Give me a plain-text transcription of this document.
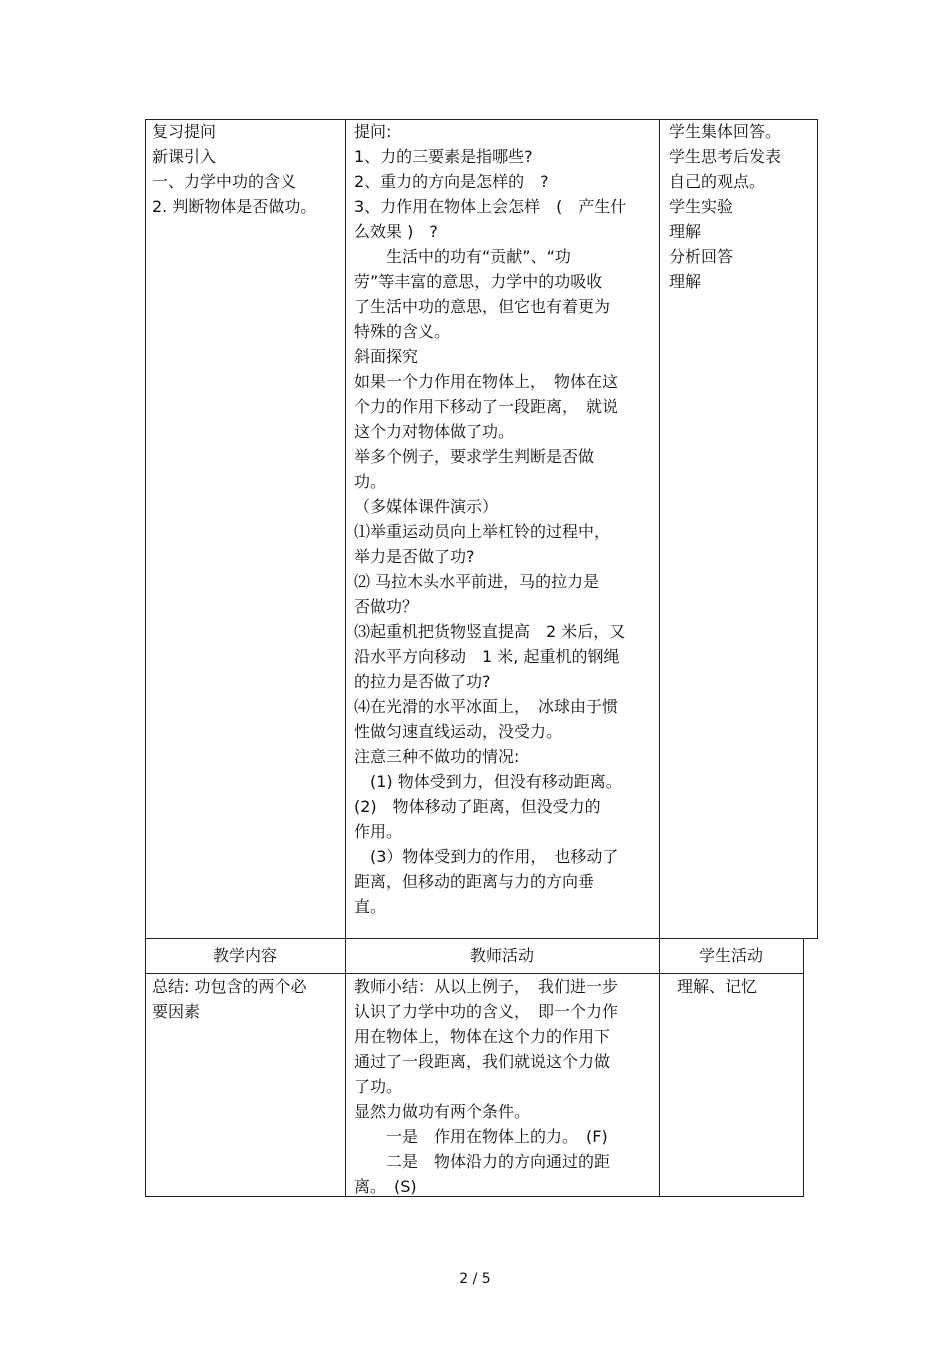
复习提问
新课引入
一、力学中功的含义
2. 判断物体是否做功。
提问:
1、力的三要素是指哪些?
2、重力的方向是怎样的　?
3、力作用在物体上会怎样　(　产生什
么效果 )　?
　　生活中的功有“贡献”、“功
劳”等丰富的意思，力学中的功吸收
了生活中功的意思，但它也有着更为
特殊的含义。
斜面探究
如果一个力作用在物体上，　物体在这
个力的作用下移动了一段距离，　就说
这个力对物体做了功。
举多个例子，要求学生判断是否做
功。
（多媒体课件演示）
⑴举重运动员向上举杠铃的过程中，
举力是否做了功?
⑵ 马拉木头水平前进，马的拉力是
否做功？
⑶起重机把货物竖直提高　2 米后，又
沿水平方向移动　1 米, 起重机的钢绳
的拉力是否做了功?
⑷在光滑的水平冰面上，　冰球由于惯
性做匀速直线运动，没受力。
注意三种不做功的情况:
　(1) 物体受到力，但没有移动距离。
(2)　物体移动了距离，但没受力的
作用。
　(3）物体受到力的作用，　也移动了
距离，但移动的距离与力的方向垂
直。
学生集体回答。
学生思考后发表
自己的观点。
学生实验
理解
分析回答
理解
教学内容	教师活动	学生活动
总结: 功包含的两个必
要因素
教师小结：从以上例子，　我们进一步
认识了力学中功的含义，　即一个力作
用在物体上，物体在这个力的作用下
通过了一段距离，我们就说这个力做
了功。
显然力做功有两个条件。
　　一是　作用在物体上的力。　(F)
　　二是　物体沿力的方向通过的距
离。　(S)
理解、记忆
2 / 5
